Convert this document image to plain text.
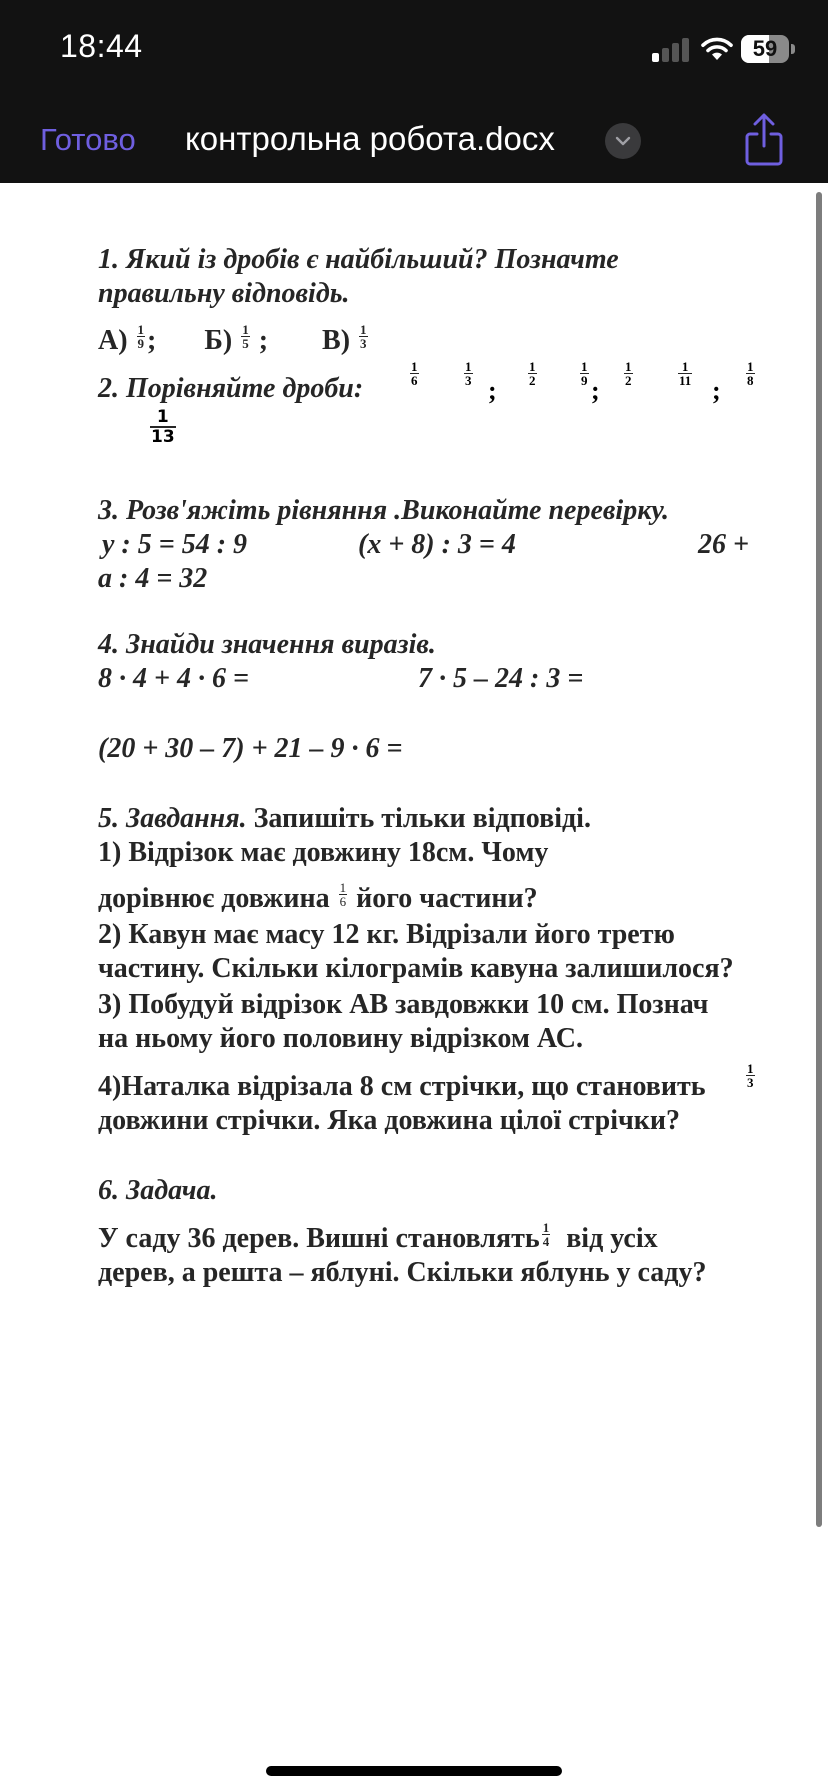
18:44	59
Готово контрольна робота.docx
1. Який із дробів є найбільший? Позначте
правильну відповідь.
$А) \frac{1}{9}$ ; $Б) \frac{1}{5}$ ; $В) \frac{1}{3}$
2. Порівняйте дроби:	$\frac{1}{6}$	$\frac{1}{3}$
;
$\frac{1}{2}$	$\frac{1}{9}$
;
$\frac{1}{2}$	$\frac{1}{11}$
;
$\frac{1}{8}$
$\frac{1}{13}$
3. Розв'яжіть рівняння .Виконайте перевірку.
y : 5 = 54 : 9	(x + 8) : 3 = 4	26 +
a : 4 = 32
4. Знайди значення виразів.
8 · 4 + 4 · 6 =	7 · 5 – 24 : 3 =
(20 + 30 – 7) + 21 – 9 · 6 =
5. Завдання. Запишіть тільки відповіді.
1) Відрізок має довжину 18см. Чому
дорівнює довжина $\frac{1}{6}$ його частини?
2) Кавун має масу 12 кг. Відрізали його третю
частину. Скільки кілограмів кавуна залишилося?
3) Побудуй відрізок АВ завдовжки 10 см. Познач
на ньому його половину відрізком АС.
4)Наталка відрізала 8 см стрічки, що становить	$\frac{1}{3}$
довжини стрічки. Яка довжина цілої стрічки?
6. Задача.
У саду 36 дерев. Вишні становлять $\frac{1}{4}$ від усіх
дерев, а решта – яблуні. Скільки яблунь у саду?
